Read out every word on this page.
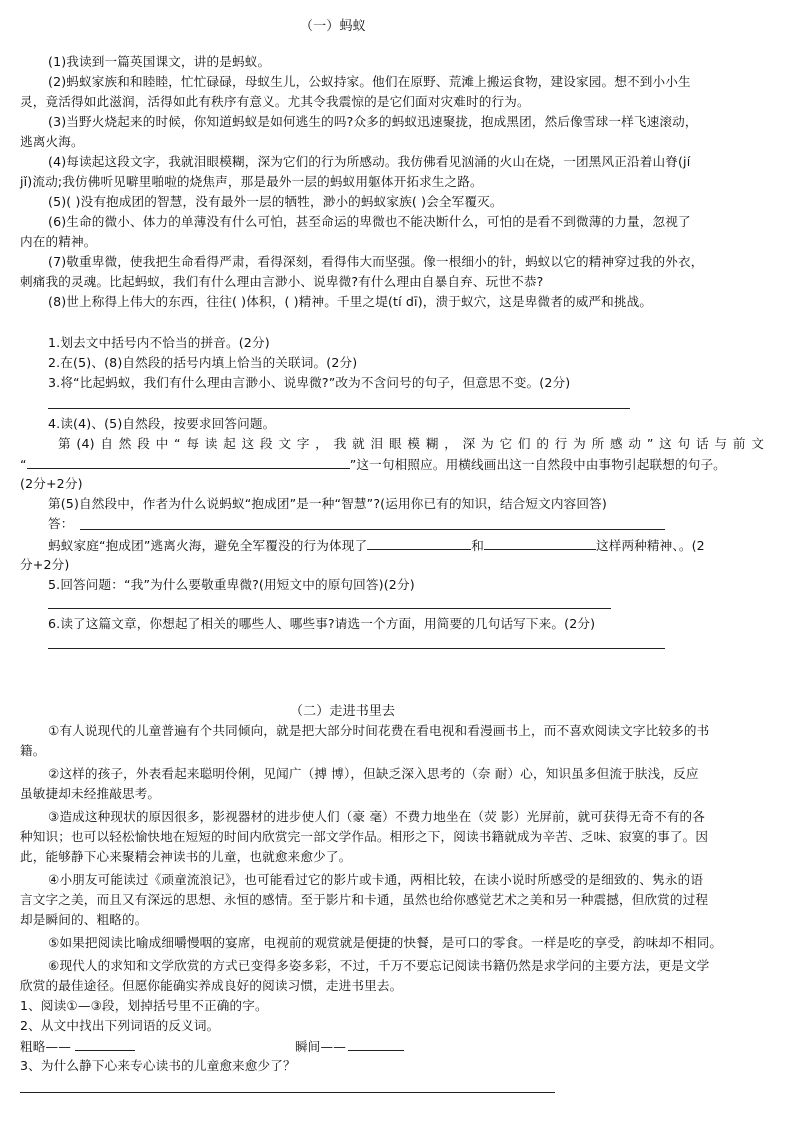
（一）蚂蚁
(1)我读到一篇英国课文，讲的是蚂蚁。
(2)蚂蚁家族和和睦睦，忙忙碌碌，母蚁生儿，公蚁持家。他们在原野、荒滩上搬运食物，建设家园。想不到小小生
灵，竟活得如此滋润，活得如此有秩序有意义。尤其令我震惊的是它们面对灾难时的行为。
(3)当野火烧起来的时候，你知道蚂蚁是如何逃生的吗?众多的蚂蚁迅速聚拢，抱成黑团，然后像雪球一样飞速滚动，
逃离火海。
(4)每读起这段文字，我就泪眼模糊，深为它们的行为所感动。我仿佛看见汹涌的火山在烧，一团黑风正沿着山脊(jí
jǐ)流动;我仿佛听见噼里啪啦的烧焦声，那是最外一层的蚂蚁用躯体开拓求生之路。
(5)( )没有抱成团的智慧，没有最外一层的牺牲，渺小的蚂蚁家族( )会全军覆灭。
(6)生命的微小、体力的单薄没有什么可怕，甚至命运的卑微也不能决断什么，可怕的是看不到微薄的力量，忽视了
内在的精神。
(7)敬重卑微，使我把生命看得严肃，看得深刻，看得伟大而坚强。像一根细小的针，蚂蚁以它的精神穿过我的外衣，
刺痛我的灵魂。比起蚂蚁，我们有什么理由言渺小、说卑微?有什么理由自暴自弃、玩世不恭?
(8)世上称得上伟大的东西，往往( )体积，( )精神。千里之堤(tí dī)，溃于蚁穴，这是卑微者的威严和挑战。
1.划去文中括号内不恰当的拼音。(2分)
2.在(5)、(8)自然段的括号内填上恰当的关联词。(2分)
3.将“比起蚂蚁，我们有什么理由言渺小、说卑微?”改为不含问号的句子，但意思不变。(2分)
4.读(4)、(5)自然段，按要求回答问题。
第(4)自然段中“每读起这段文字，我就泪眼模糊，深为它们的行为所感动”这句话与前文
“	”这一句相照应。用横线画出这一自然段中由事物引起联想的句子。
(2分+2分)
第(5)自然段中，作者为什么说蚂蚁“抱成团”是一种“智慧”?(运用你已有的知识，结合短文内容回答)
答：
蚂蚁家庭“抱成团”逃离火海，避免全军覆没的行为体现了	和	这样两种精神、。(2
分+2分)
5.回答问题：“我”为什么要敬重卑微?(用短文中的原句回答)(2分)
6.读了这篇文章，你想起了相关的哪些人、哪些事?请选一个方面，用简要的几句话写下来。(2分)
（二）走进书里去
①有人说现代的儿童普遍有个共同倾向，就是把大部分时间花费在看电视和看漫画书上，而不喜欢阅读文字比较多的书
籍。
②这样的孩子，外表看起来聪明伶俐，见闻广（搏 博），但缺乏深入思考的（奈 耐）心，知识虽多但流于肤浅，反应
虽敏捷却未经推敲思考。
③造成这种现状的原因很多，影视器材的进步使人们（豪 毫）不费力地坐在（荧 影）光屏前，就可获得无奇不有的各
种知识；也可以轻松愉快地在短短的时间内欣赏完一部文学作品。相形之下，阅读书籍就成为辛苦、乏味、寂寞的事了。因
此，能够静下心来聚精会神读书的儿童，也就愈来愈少了。
④小朋友可能读过《顽童流浪记》，也可能看过它的影片或卡通，两相比较，在读小说时所感受的是细致的、隽永的语
言文字之美，而且又有深远的思想、永恒的感情。至于影片和卡通，虽然也给你感觉艺术之美和另一种震撼，但欣赏的过程
却是瞬间的、粗略的。
⑤如果把阅读比喻成细嚼慢咽的宴席，电视前的观赏就是便捷的快餐，是可口的零食。一样是吃的享受，韵味却不相同。
⑥现代人的求知和文学欣赏的方式已变得多姿多彩，不过，千万不要忘记阅读书籍仍然是求学问的主要方法，更是文学
欣赏的最佳途径。但愿你能确实养成良好的阅读习惯，走进书里去。
1、阅读①—③段，划掉括号里不正确的字。
2、从文中找出下列词语的反义词。
粗略——	瞬间——
3、为什么静下心来专心读书的儿童愈来愈少了？
